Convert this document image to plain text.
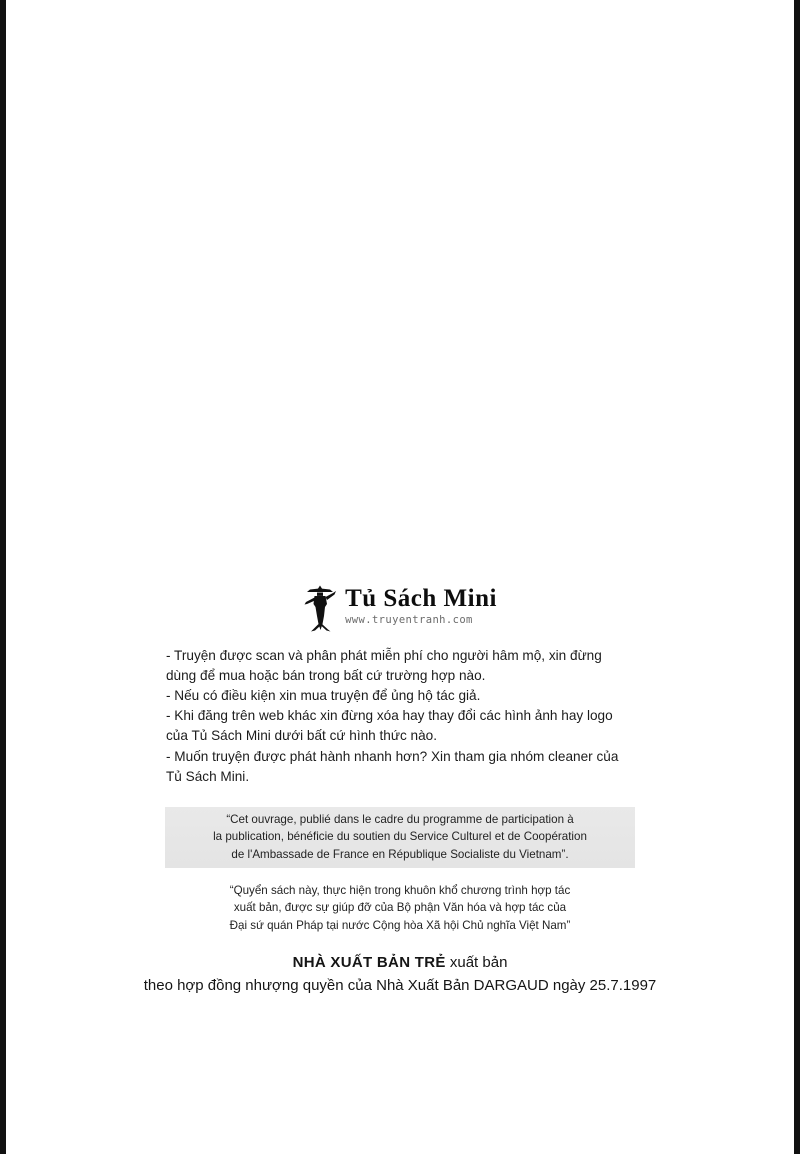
Tủ Sách Mini
www.truyentranh.com

- Truyện được scan và phân phát miễn phí cho người hâm mộ, xin đừng dùng để mua hoặc bán trong bất cứ trường hợp nào.

- Nếu có điều kiện xin mua truyện để ủng hộ tác giả.

- Khi đăng trên web khác xin đừng xóa hay thay đổi các hình ảnh hay logo của Tủ Sách Mini dưới bất cứ hình thức nào.

- Muốn truyện được phát hành nhanh hơn? Xin tham gia nhóm cleaner của Tủ Sách Mini.

“Cet ouvrage, publié dans le cadre du programme de participation à

la publication, bénéficie du soutien du Service Culturel et de Coopération

de l'Ambassade de France en République Socialiste du Vietnam”.

“Quyển sách này, thực hiện trong khuôn khổ chương trình hợp tác

xuất bản, được sự giúp đỡ của Bộ phận Văn hóa và hợp tác của

Đại sứ quán Pháp tại nước Cộng hòa Xã hội Chủ nghĩa Việt Nam”

NHÀ XUẤT BẢN TRẺ xuất bản
theo hợp đồng nhượng quyền của Nhà Xuất Bản DARGAUD ngày 25.7.1997
